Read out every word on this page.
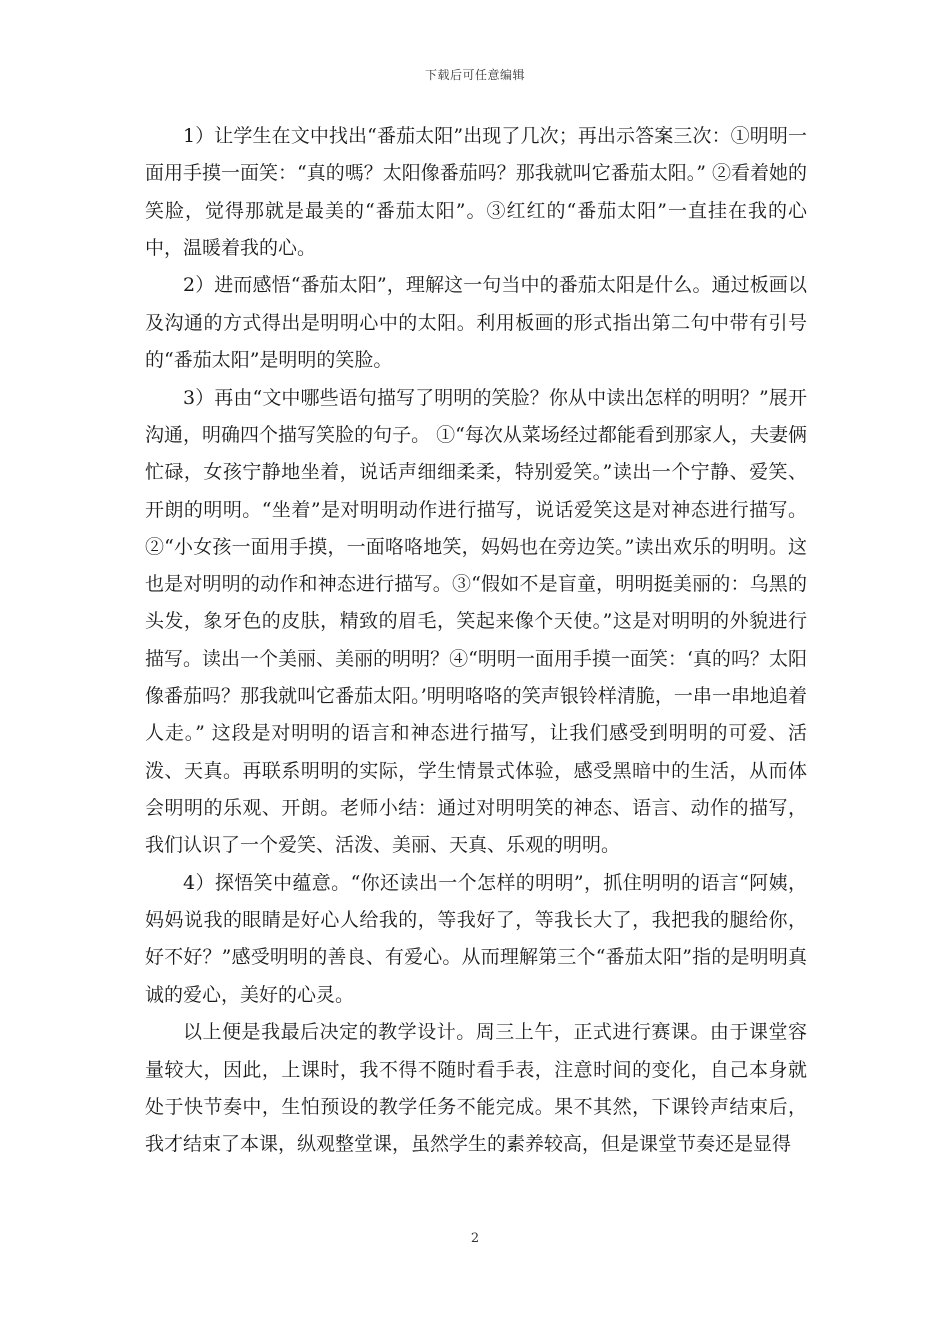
下载后可任意编辑

1）让学生在文中找出“番茄太阳”出现了几次；再出示答案三次：①明明一面用手摸一面笑：“真的嗎？太阳像番茄吗？那我就叫它番茄太阳。” ②看着她的笑脸，觉得那就是最美的“番茄太阳”。③红红的“番茄太阳”一直挂在我的心中，温暖着我的心。

2）进而感悟“番茄太阳”，理解这一句当中的番茄太阳是什么。通过板画以及沟通的方式得出是明明心中的太阳。利用板画的形式指出第二句中带有引号的“番茄太阳”是明明的笑脸。

3）再由“文中哪些语句描写了明明的笑脸？你从中读出怎样的明明？”展开沟通，明确四个描写笑脸的句子。 ①“每次从菜场经过都能看到那家人，夫妻俩忙碌，女孩宁静地坐着，说话声细细柔柔，特别爱笑。”读出一个宁静、爱笑、开朗的明明。“坐着”是对明明动作进行描写，说话爱笑这是对神态进行描写。②“小女孩一面用手摸，一面咯咯地笑，妈妈也在旁边笑。”读出欢乐的明明。这也是对明明的动作和神态进行描写。③“假如不是盲童，明明挺美丽的：乌黑的头发，象牙色的皮肤，精致的眉毛，笑起来像个天使。”这是对明明的外貌进行描写。读出一个美丽、美丽的明明？④“明明一面用手摸一面笑：‘真的吗？太阳像番茄吗？那我就叫它番茄太阳。’明明咯咯的笑声银铃样清脆，一串一串地追着人走。” 这段是对明明的语言和神态进行描写，让我们感受到明明的可爱、活泼、天真。再联系明明的实际，学生情景式体验，感受黑暗中的生活，从而体会明明的乐观、开朗。老师小结：通过对明明笑的神态、语言、动作的描写，我们认识了一个爱笑、活泼、美丽、天真、乐观的明明。

4）探悟笑中蕴意。“你还读出一个怎样的明明”，抓住明明的语言“阿姨，妈妈说我的眼睛是好心人给我的，等我好了，等我长大了，我把我的腿给你，好不好？”感受明明的善良、有爱心。从而理解第三个“番茄太阳”指的是明明真诚的爱心，美好的心灵。

以上便是我最后决定的教学设计。周三上午，正式进行赛课。由于课堂容量较大，因此，上课时，我不得不随时看手表，注意时间的变化，自己本身就处于快节奏中，生怕预设的教学任务不能完成。果不其然，下课铃声结束后，我才结束了本课，纵观整堂课，虽然学生的素养较高，但是课堂节奏还是显得

2
